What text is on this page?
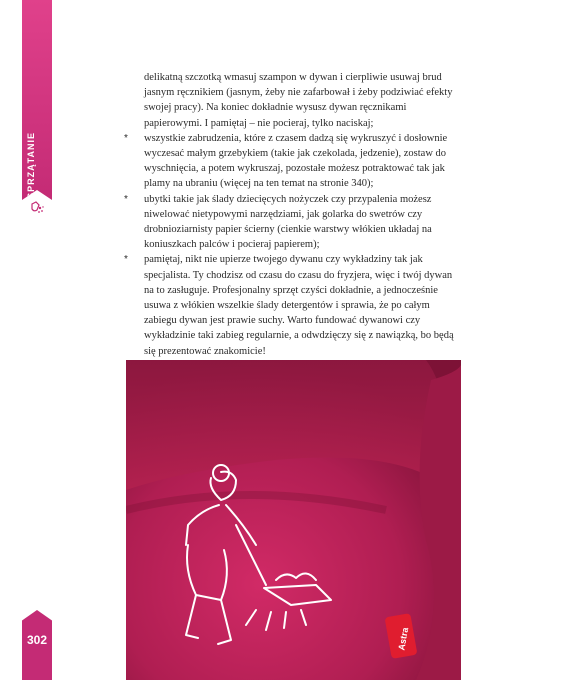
SPRZĄTANIE

delikatną szczotką wmasuj szampon w dywan i cierpliwie usuwaj brud jasnym ręcznikiem (jasnym, żeby nie zafarbował i żeby podziwiać efekty swojej pracy). Na koniec dokładnie wysusz dywan ręcznikami papierowymi. I pamiętaj – nie pocieraj, tylko naciskaj;

* wszystkie zabrudzenia, które z czasem dadzą się wykruszyć i dosłownie wyczesać małym grzebykiem (takie jak czekolada, jedzenie), zostaw do wyschnięcia, a potem wykruszaj, pozostałe możesz potraktować tak jak plamy na ubraniu (więcej na ten temat na stronie 340);
* ubytki takie jak ślady dziecięcych nożyczek czy przypalenia możesz niwelować nietypowymi narzędziami, jak golarka do swetrów czy drobnioziarnisty papier ścierny (cienkie warstwy włókien układaj na koniuszkach palców i pocieraj papierem);
* pamiętaj, nikt nie upierze twojego dywanu czy wykładziny tak jak specjalista. Ty chodzisz od czasu do czasu do fryzjera, więc i twój dywan na to zasługuje. Profesjonalny sprzęt czyści dokładnie, a jednocześnie usuwa z włókien wszelkie ślady detergentów i sprawia, że po całym zabiegu dywan jest prawie suchy. Warto fundować dywanowi czy wykładzinie taki zabieg regularnie, a odwdzięczy się z nawiązką, bo będą się prezentować znakomicie!
Astra
302
